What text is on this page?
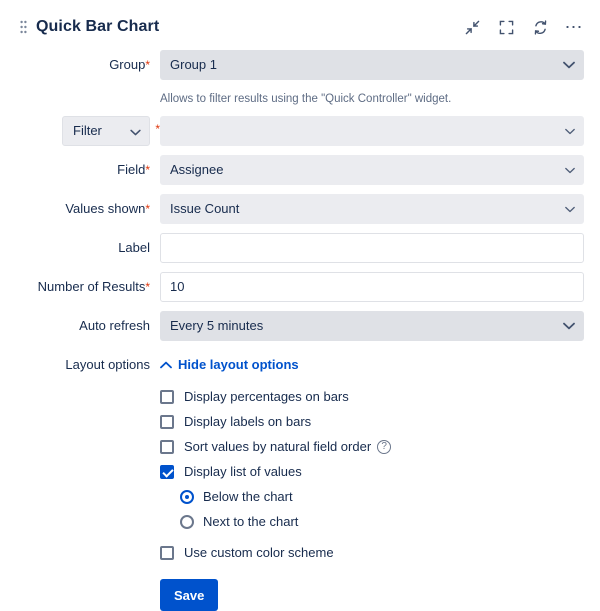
Quick Bar Chart	⋯
Group*	Group 1

Allows to filter results using the "Quick Controller" widget.
Filter	*
Field*	Assignee
Values shown*	Issue Count
Label
Number of Results*	10
Auto refresh	Every 5 minutes
Layout options	Hide layout options
Display percentages on bars
Display labels on bars
Sort values by natural field order	?
Display list of values
Below the chart
Next to the chart
Use custom color scheme
Save
